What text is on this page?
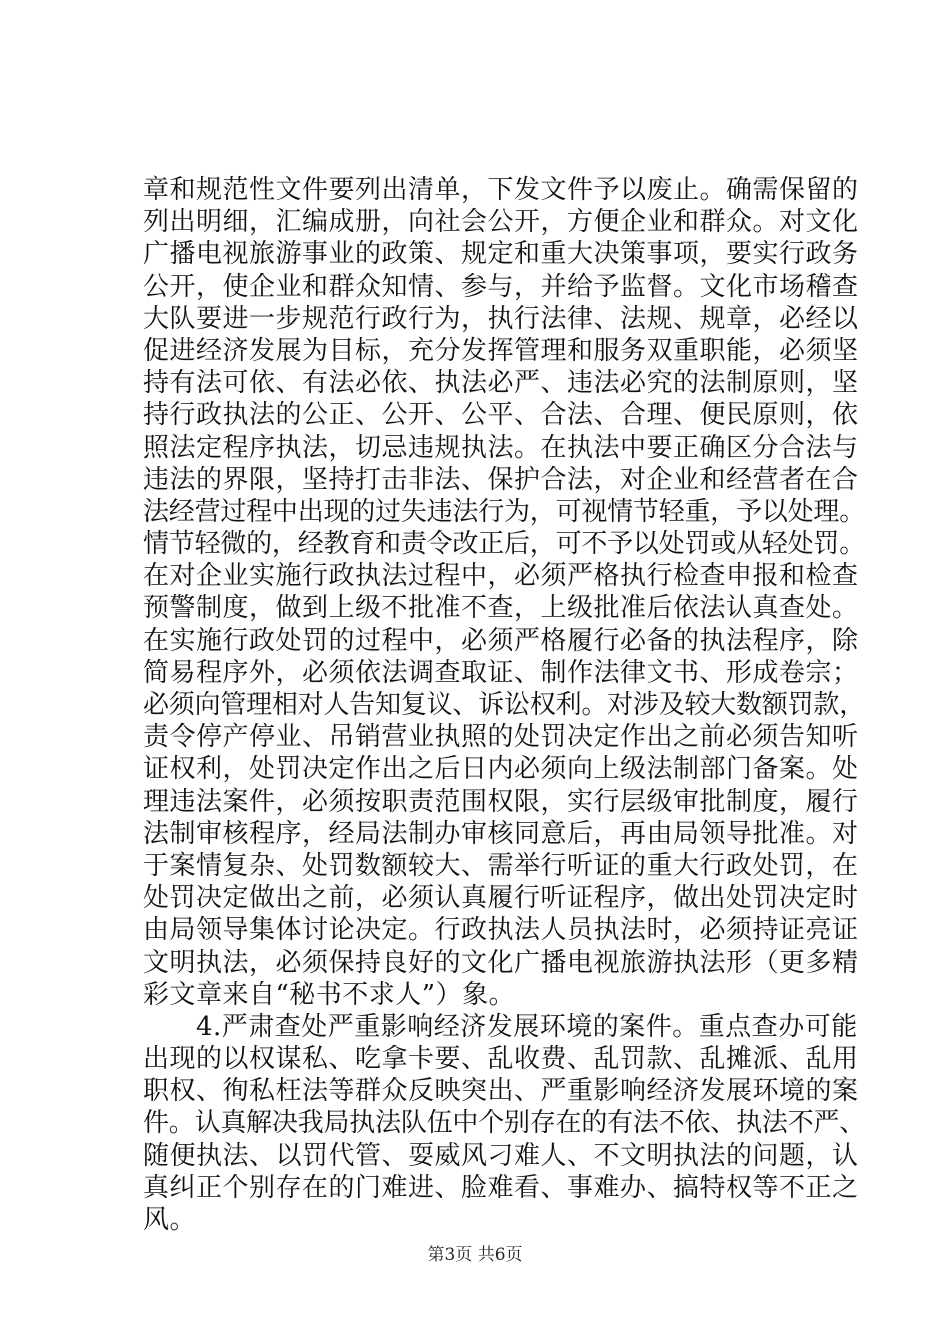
章和规范性文件要列出清单，下发文件予以废止。确需保留的
列出明细，汇编成册，向社会公开，方便企业和群众。对文化
广播电视旅游事业的政策、规定和重大决策事项，要实行政务
公开，使企业和群众知情、参与，并给予监督。文化市场稽查
大队要进一步规范行政行为，执行法律、法规、规章，必经以
促进经济发展为目标，充分发挥管理和服务双重职能，必须坚
持有法可依、有法必依、执法必严、违法必究的法制原则，坚
持行政执法的公正、公开、公平、合法、合理、便民原则，依
照法定程序执法，切忌违规执法。在执法中要正确区分合法与
违法的界限，坚持打击非法、保护合法，对企业和经营者在合
法经营过程中出现的过失违法行为，可视情节轻重，予以处理。
情节轻微的，经教育和责令改正后，可不予以处罚或从轻处罚。
在对企业实施行政执法过程中，必须严格执行检查申报和检查
预警制度，做到上级不批准不查，上级批准后依法认真查处。
在实施行政处罚的过程中，必须严格履行必备的执法程序，除
简易程序外，必须依法调查取证、制作法律文书、形成卷宗；
必须向管理相对人告知复议、诉讼权利。对涉及较大数额罚款，
责令停产停业、吊销营业执照的处罚决定作出之前必须告知听
证权利，处罚决定作出之后日内必须向上级法制部门备案。处
理违法案件，必须按职责范围权限，实行层级审批制度，履行
法制审核程序，经局法制办审核同意后，再由局领导批准。对
于案情复杂、处罚数额较大、需举行听证的重大行政处罚，在
处罚决定做出之前，必须认真履行听证程序，做出处罚决定时
由局领导集体讨论决定。行政执法人员执法时，必须持证亮证
文明执法，必须保持良好的文化广播电视旅游执法形（更多精
彩文章来自“秘书不求人”）象。
　　4.严肃查处严重影响经济发展环境的案件。重点查办可能
出现的以权谋私、吃拿卡要、乱收费、乱罚款、乱摊派、乱用
职权、徇私枉法等群众反映突出、严重影响经济发展环境的案
件。认真解决我局执法队伍中个别存在的有法不依、执法不严、
随便执法、以罚代管、耍威风刁难人、不文明执法的问题，认
真纠正个别存在的门难进、脸难看、事难办、搞特权等不正之
风。
第3页 共6页
